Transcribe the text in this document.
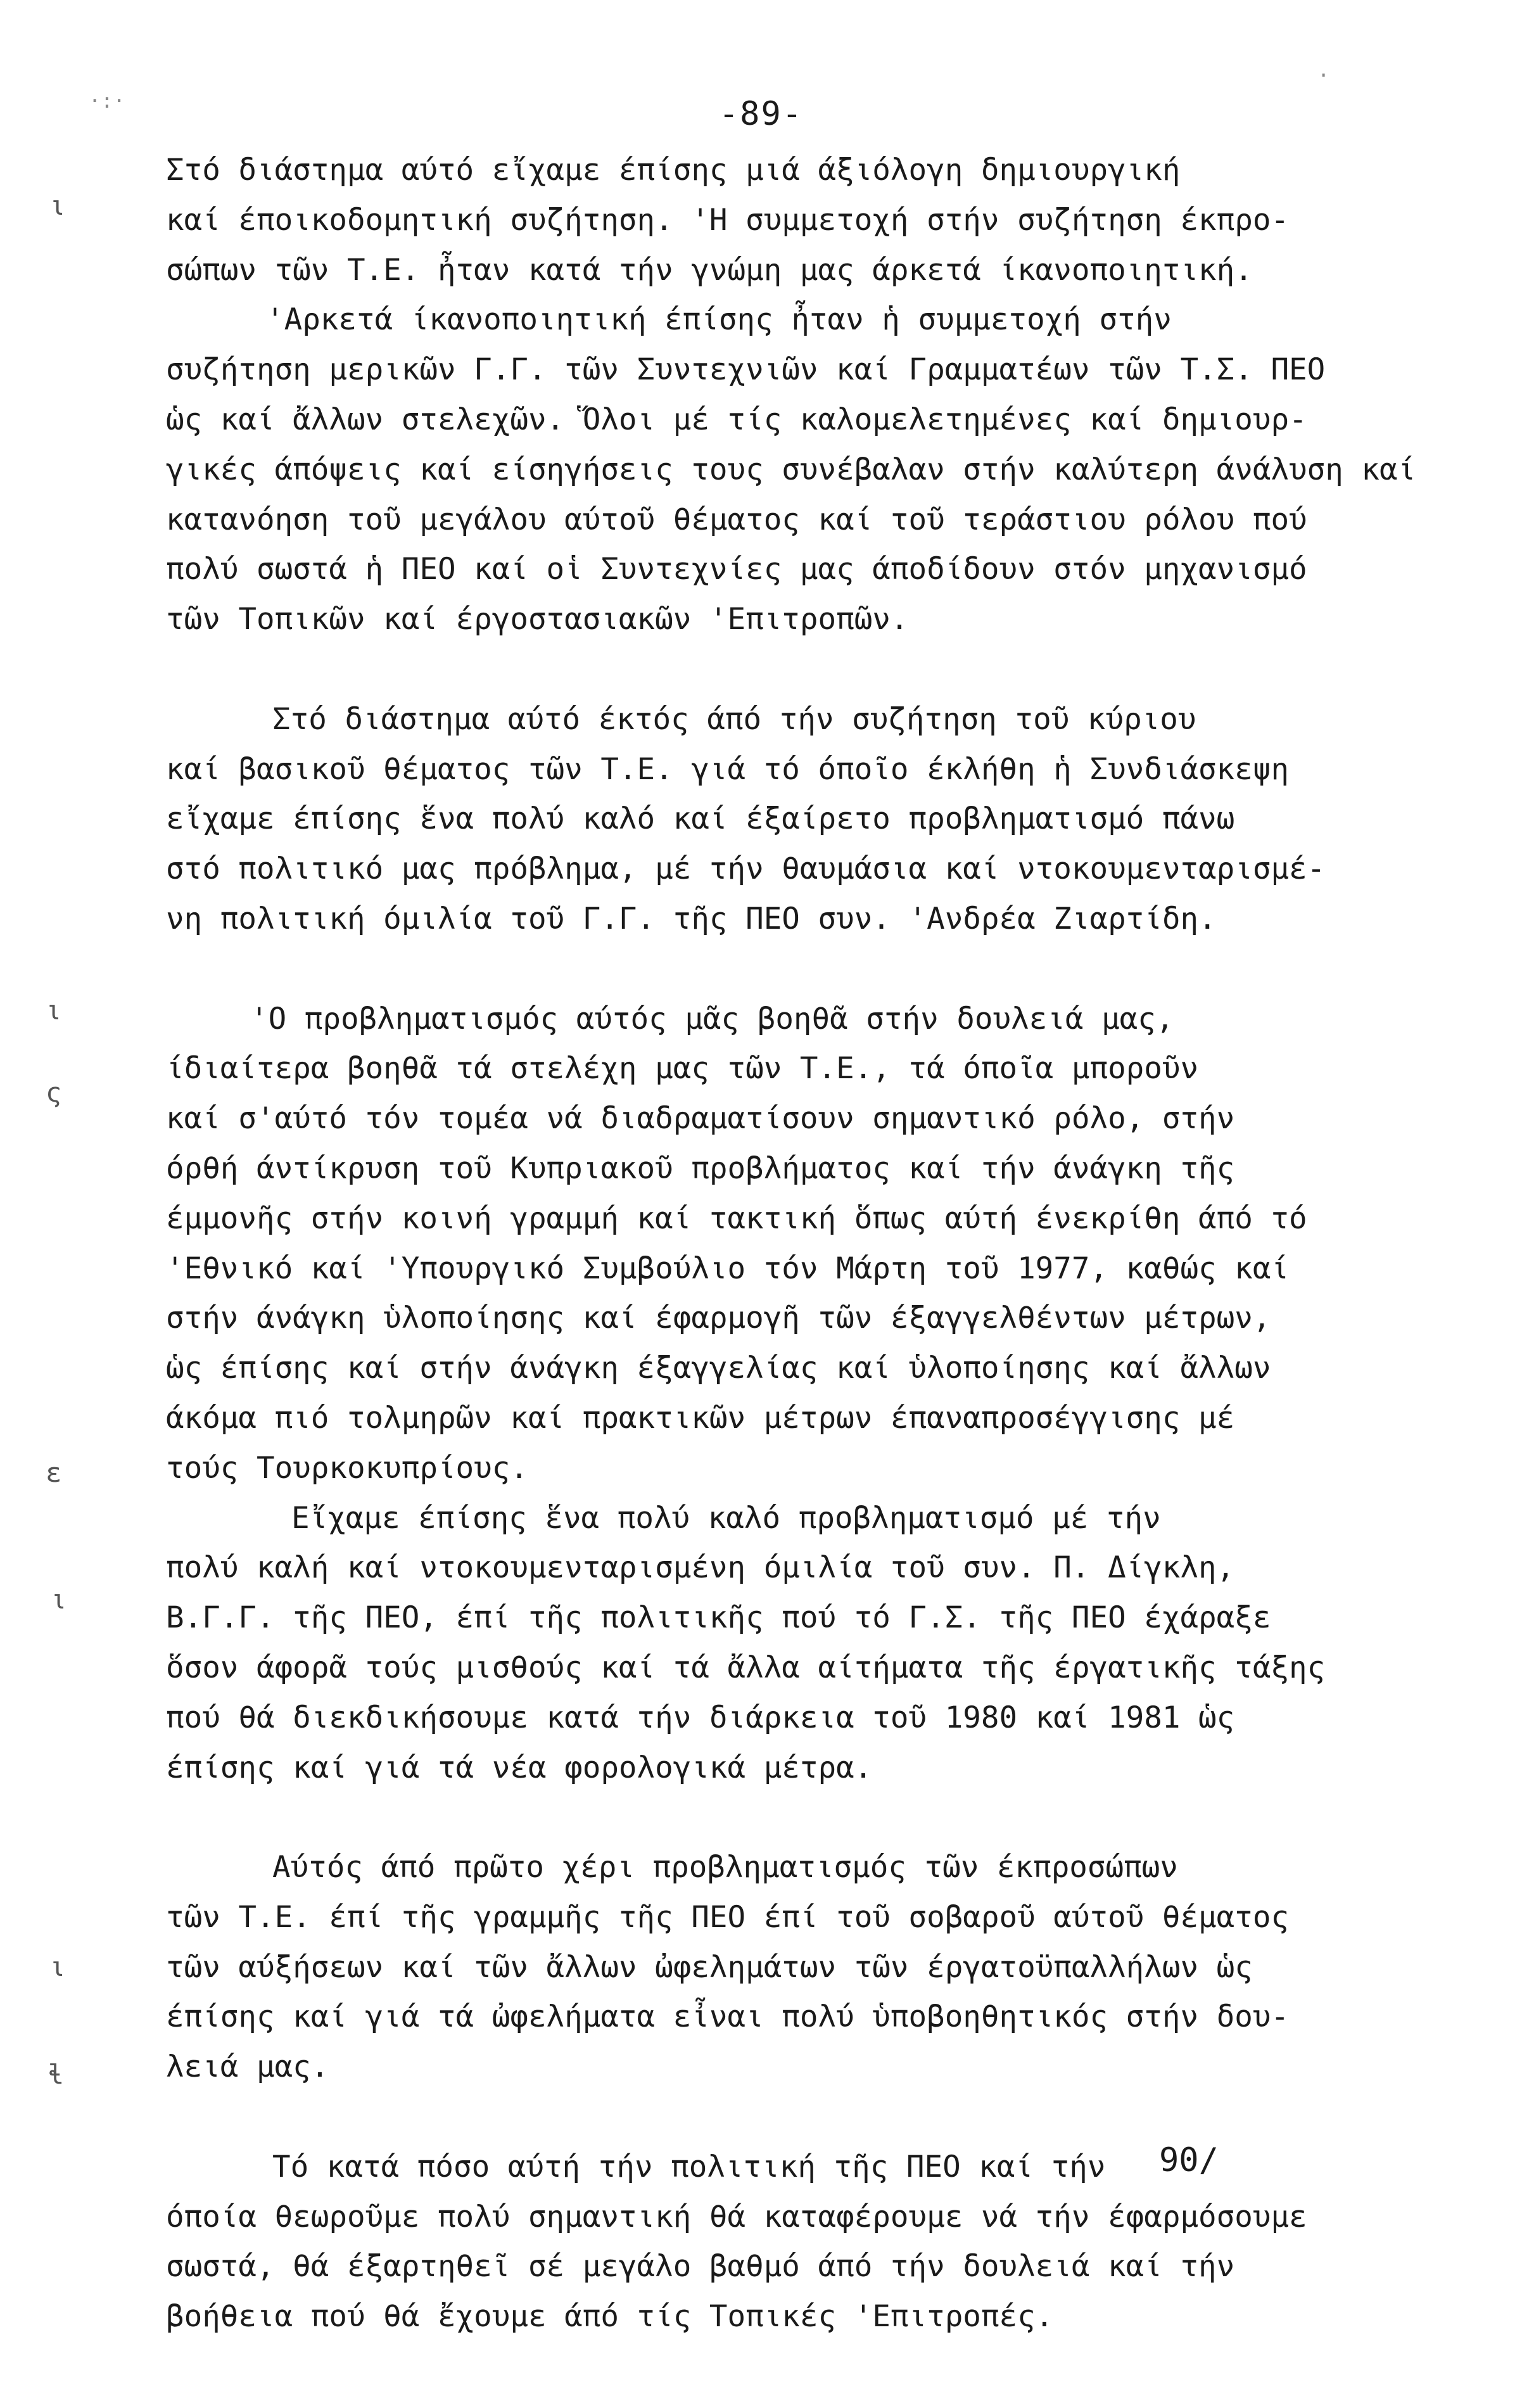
-89-
Στό διάστημα αύτό εἴχαμε έπίσης μιά άξιόλογη δημιουργική
καί έποικοδομητική συζήτηση. 'Η συμμετοχή στήν συζήτηση έκπρο-
σώπων τῶν Τ.Ε. ἦταν κατά τήν γνώμη μας άρκετά ίκανοποιητική.
'Αρκετά ίκανοποιητική έπίσης ἦταν ἡ συμμετοχή στήν
συζήτηση μερικῶν Γ.Γ. τῶν Συντεχνιῶν καί Γραμματέων τῶν Τ.Σ. ΠΕΟ
ὡς καί ἄλλων στελεχῶν. Ὅλοι μέ τίς καλομελετημένες καί δημιουρ-
γικές άπόψεις καί είσηγήσεις τους συνέβαλαν στήν καλύτερη άνάλυση καί
κατανόηση τοῦ μεγάλου αύτοῦ θέματος καί τοῦ τεράστιου ρόλου πού
πολύ σωστά ἡ ΠΕΟ καί οἱ Συντεχνίες μας άποδίδουν στόν μηχανισμό
τῶν Τοπικῶν καί έργοστασιακῶν 'Επιτροπῶν.
Στό διάστημα αύτό έκτός άπό τήν συζήτηση τοῦ κύριου
καί βασικοῦ θέματος τῶν Τ.Ε. γιά τό όποῖο έκλήθη ἡ Συνδιάσκεψη
εἴχαμε έπίσης ἕνα πολύ καλό καί έξαίρετο προβληματισμό πάνω
στό πολιτικό μας πρόβλημα, μέ τήν θαυμάσια καί ντοκουμενταρισμέ-
νη πολιτική όμιλία τοῦ Γ.Γ. τῆς ΠΕΟ συν. 'Ανδρέα Ζιαρτίδη.
'Ο προβληματισμός αύτός μᾶς βοηθᾶ στήν δουλειά μας,
ίδιαίτερα βοηθᾶ τά στελέχη μας τῶν Τ.Ε., τά όποῖα μποροῦν
καί σ'αύτό τόν τομέα νά διαδραματίσουν σημαντικό ρόλο, στήν
όρθή άντίκρυση τοῦ Κυπριακοῦ προβλήματος καί τήν άνάγκη τῆς
έμμονῆς στήν κοινή γραμμή καί τακτική ὅπως αύτή ένεκρίθη άπό τό
'Εθνικό καί 'Υπουργικό Συμβούλιο τόν Μάρτη τοῦ 1977, καθώς καί
στήν άνάγκη ὑλοποίησης καί έφαρμογῆ τῶν έξαγγελθέντων μέτρων,
ὡς έπίσης καί στήν άνάγκη έξαγγελίας καί ὑλοποίησης καί ἄλλων
άκόμα πιό τολμηρῶν καί πρακτικῶν μέτρων έπαναπροσέγγισης μέ
τούς Τουρκοκυπρίους.
Εἴχαμε έπίσης ἕνα πολύ καλό προβληματισμό μέ τήν
πολύ καλή καί ντοκουμενταρισμένη όμιλία τοῦ συν. Π. Δίγκλη,
Β.Γ.Γ. τῆς ΠΕΟ, έπί τῆς πολιτικῆς πού τό Γ.Σ. τῆς ΠΕΟ έχάραξε
ὅσον άφορᾶ τούς μισθούς καί τά ἄλλα αίτήματα τῆς έργατικῆς τάξης
πού θά διεκδικήσουμε κατά τήν διάρκεια τοῦ 1980 καί 1981 ὡς
έπίσης καί γιά τά νέα φορολογικά μέτρα.
Αύτός άπό πρῶτο χέρι προβληματισμός τῶν έκπροσώπων
τῶν Τ.Ε. έπί τῆς γραμμῆς τῆς ΠΕΟ έπί τοῦ σοβαροῦ αύτοῦ θέματος
τῶν αύξήσεων καί τῶν ἄλλων ὠφελημάτων τῶν έργατοϋπαλλήλων ὡς
έπίσης καί γιά τά ὠφελήματα εἶναι πολύ ὑποβοηθητικός στήν δου-
λειά μας.
Τό κατά πόσο αύτή τήν πολιτική τῆς ΠΕΟ καί τήν
όποία θεωροῦμε πολύ σημαντική θά καταφέρουμε νά τήν έφαρμόσουμε
σωστά, θά έξαρτηθεῖ σέ μεγάλο βαθμό άπό τήν δουλειά καί τήν
βοήθεια πού θά ἔχουμε άπό τίς Τοπικές 'Επιτροπές.
90/
ι
ι
ς
ε
ι
ι
ɬ
·:·
·
